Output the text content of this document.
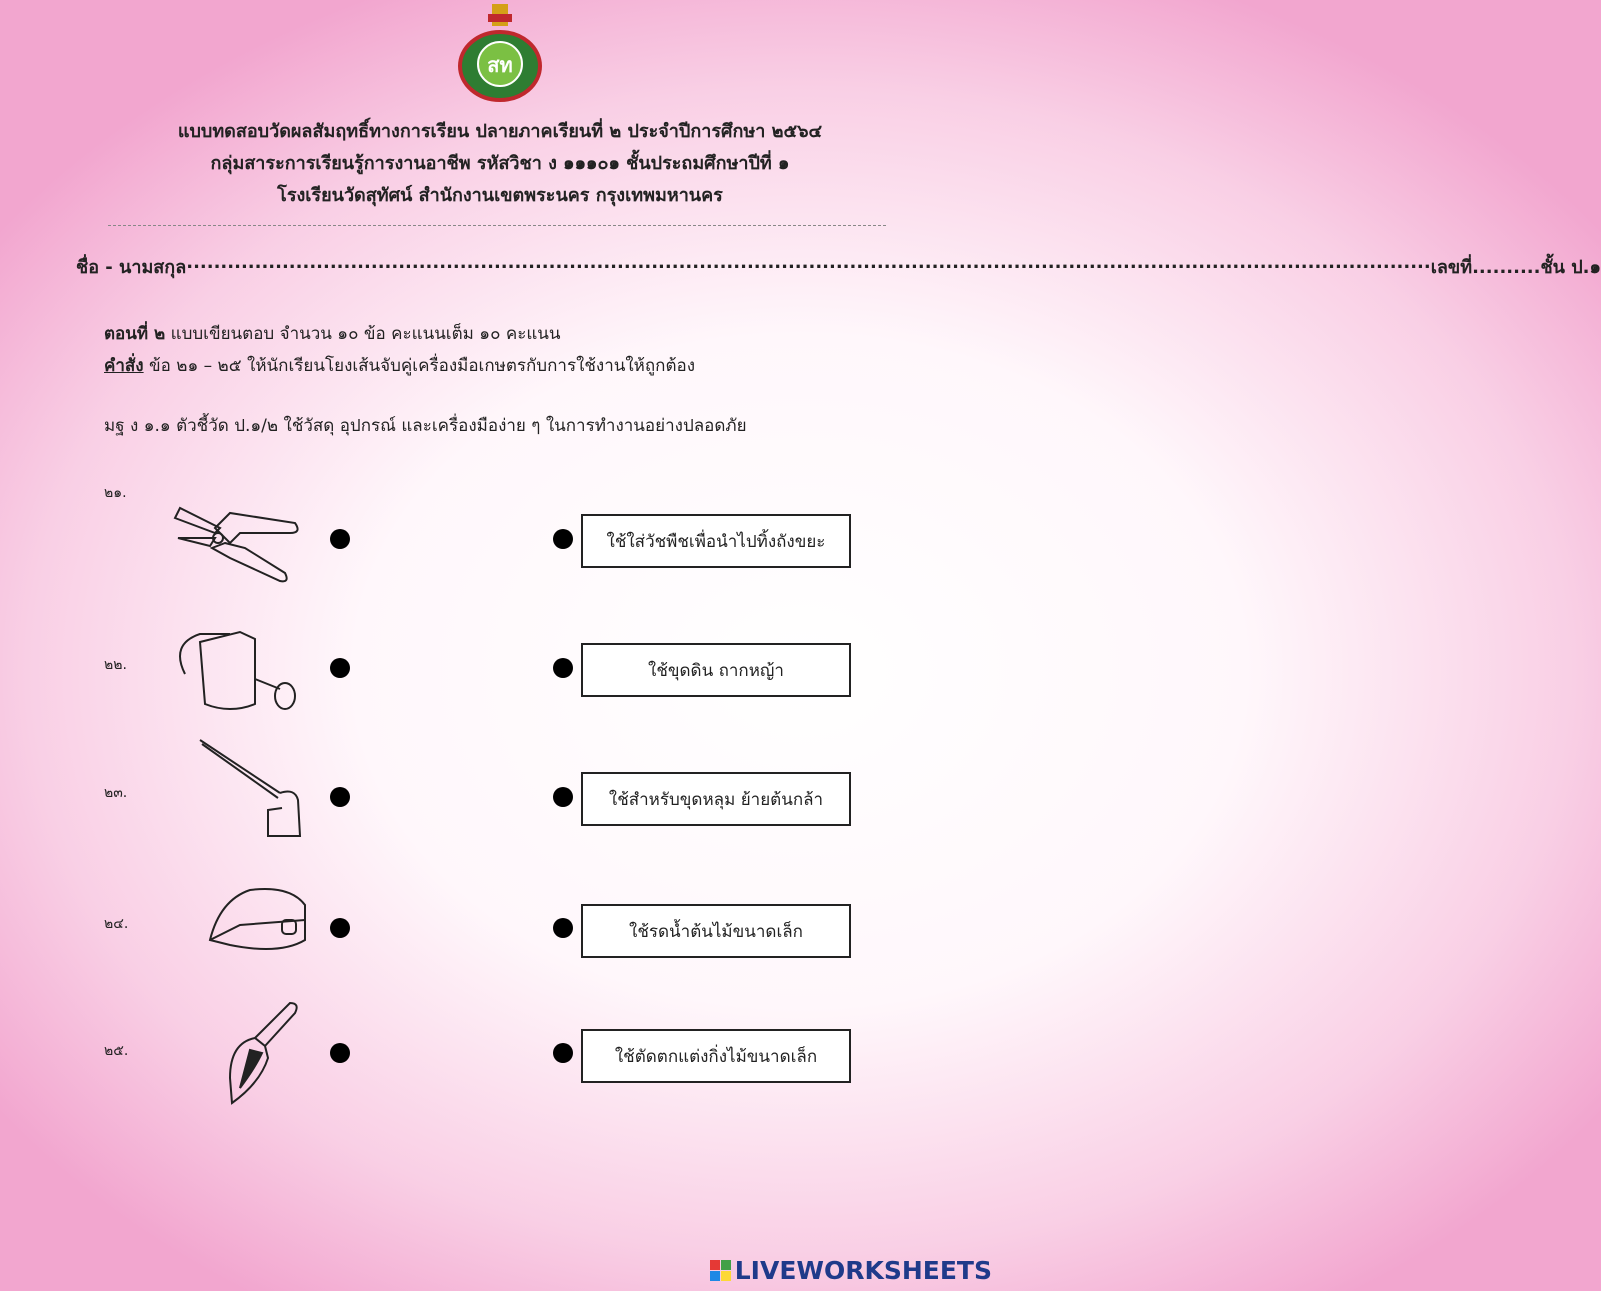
สท
แบบทดสอบวัดผลสัมฤทธิ์ทางการเรียน ปลายภาคเรียนที่ ๒ ประจำปีการศึกษา ๒๕๖๔
กลุ่มสาระการเรียนรู้การงานอาชีพ รหัสวิชา ง ๑๑๑๐๑ ชั้นประถมศึกษาปีที่ ๑
โรงเรียนวัดสุทัศน์ สำนักงานเขตพระนคร กรุงเทพมหานคร
ชื่อ - นามสกุล ...................................................................................................................................................................................... เลขที่.......... ชั้น ป.๑
ตอนที่ ๒ แบบเขียนตอบ จำนวน ๑๐ ข้อ คะแนนเต็ม ๑๐ คะแนน
คำสั่ง ข้อ ๒๑ – ๒๕ ให้นักเรียนโยงเส้นจับคู่เครื่องมือเกษตรกับการใช้งานให้ถูกต้อง
มฐ ง ๑.๑ ตัวชี้วัด ป.๑/๒ ใช้วัสดุ อุปกรณ์ และเครื่องมือง่าย ๆ ในการทำงานอย่างปลอดภัย
๒๑.
๒๒.
๒๓.
๒๔.
๒๕.
ใช้ใส่วัชพืชเพื่อนำไปทิ้งถังขยะ
ใช้ขุดดิน ถากหญ้า
ใช้สำหรับขุดหลุม ย้ายต้นกล้า
ใช้รดน้ำต้นไม้ขนาดเล็ก
ใช้ตัดตกแต่งกิ่งไม้ขนาดเล็ก
LIVEWORKSHEETS
